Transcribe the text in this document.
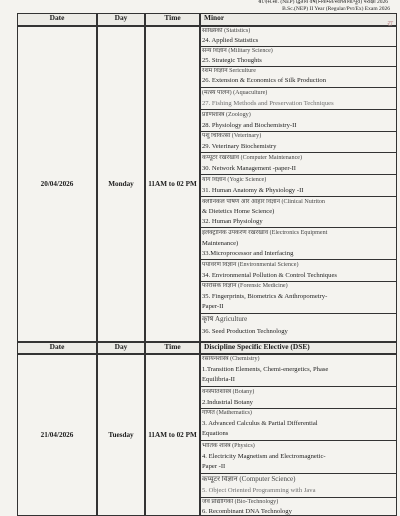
बी.एस.सी. (NEP) द्वितीय वर्ष(नियमित/स्वाध्यायी/पूर्व) परीक्षा 2026
B.Sc.(NEP) II Year (Regular/Pvt/Ex) Exam 2026
Date	Day	Time	Minor
20/04/2026	Monday	11AM to 02 PM
रा
सांख्यिकी (Statistics)
24. Applied Statistics
सैन्य विज्ञान (Military Science)
25. Strategic Thoughts
रेशम विज्ञान Sericulture
26. Extension & Economics of Silk Production
(मत्स्य पालन) (Aquaculture)
27. Fishing Methods and Preservation Techniques
प्राणिशास्त्र (Zoology)
28. Physiology and Biochemistry-II
पशु चिकित्सा (Veterinary)
29. Veterinary Biochemistry
कंप्यूटर रखरखाव (Computer Maintenance)
30. Network Management -paper-II
योग विज्ञान (Yogic Science)
31. Human Anatomy & Physiology -II
क्लीनिकल पोषण और आहार विज्ञान (Clinical Nutriton
& Dietetics Home Science)
32. Human Physiology
इलेक्ट्रॉनिक उपकरण रखरखाव (Electronics Equipment
Maintenance)
33.Microprocessor and Interfacing
पर्यावरण विज्ञान (Environmental Science)
34. Environmental Pollution & Control Techniques
फोरेंसिक विज्ञान (Forensic Medicine)
35. Fingerprints, Biometrics & Anthropometry-
Paper-II
कृषि Agriculture
36. Seed Production Technology
Date	Day	Time	Discipline Specific Elective (DSE)
21/04/2026	Tuesday	11AM to 02 PM
रसायनशास्त्र (Chemistry)
1.Transition Elements, Chemi-energetics, Phase
Equilibria-II
वनस्पतिशास्त्र (Botany)
2.Industrial Botany
गणित (Mathematics)
3. Advanced Calculus & Partial Differential
Equations
भौतिक शास्त्र (Physics)
4. Electricity Magnetism and Electromagnetic-
Paper -II
कंप्यूटर विज्ञान (Computer Science)
5. Object Oriented Programming with Java
जैव प्रौद्योगिकी (Bio-Technology)
6. Recombinant DNA Technology
